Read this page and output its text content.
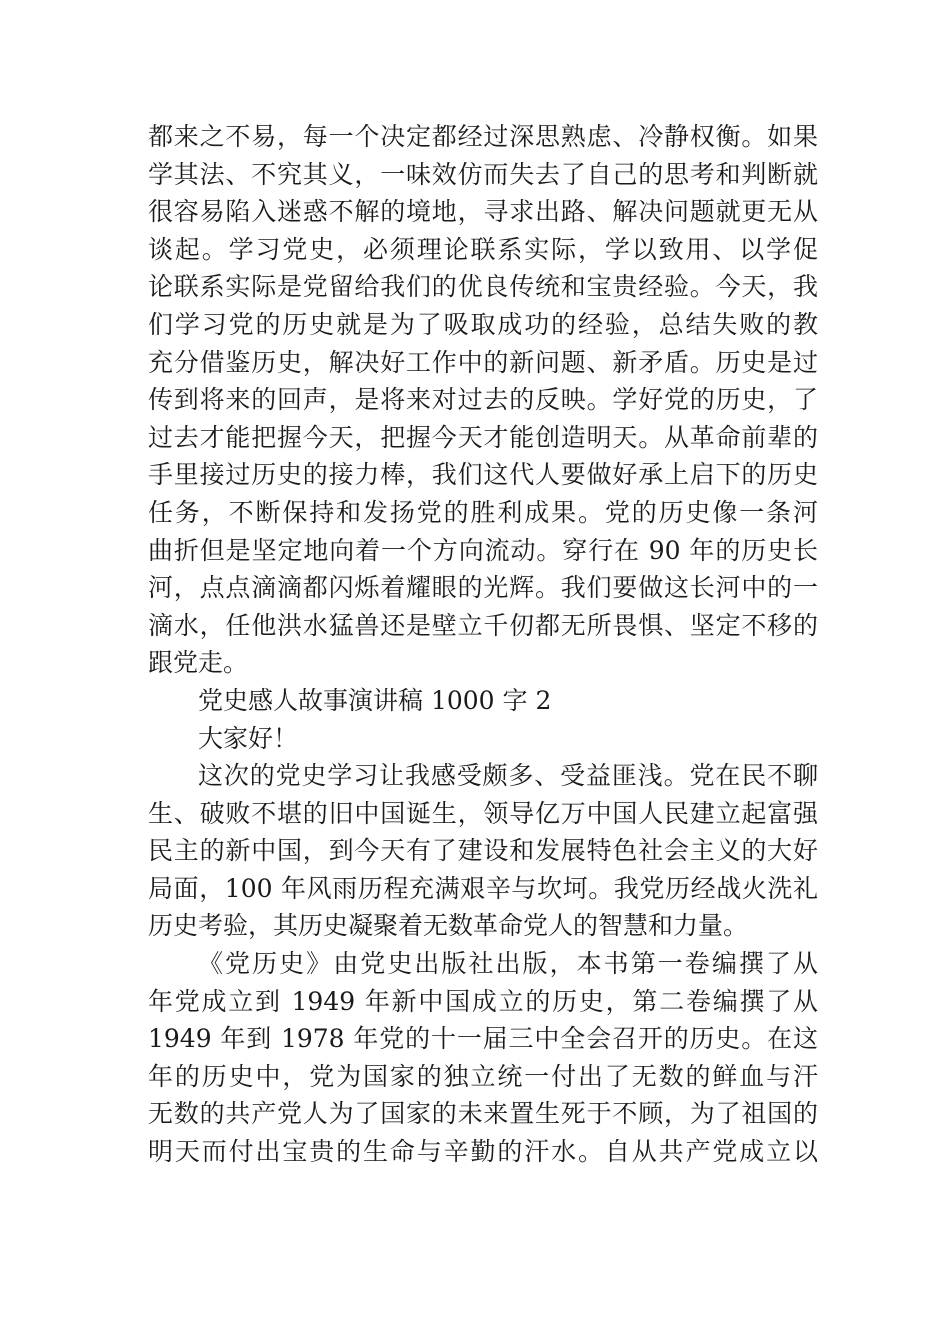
都来之不易，每一个决定都经过深思熟虑、冷静权衡。如果
学其法、不究其义，一味效仿而失去了自己的思考和判断就
很容易陷入迷惑不解的境地，寻求出路、解决问题就更无从
谈起。学习党史，必须理论联系实际，学以致用、以学促
论联系实际是党留给我们的优良传统和宝贵经验。今天，我
们学习党的历史就是为了吸取成功的经验，总结失败的教
充分借鉴历史，解决好工作中的新问题、新矛盾。历史是过
传到将来的回声，是将来对过去的反映。学好党的历史，了
过去才能把握今天，把握今天才能创造明天。从革命前辈的
手里接过历史的接力棒，我们这代人要做好承上启下的历史
任务，不断保持和发扬党的胜利成果。党的历史像一条河
曲折但是坚定地向着一个方向流动。穿行在 90 年的历史长
河，点点滴滴都闪烁着耀眼的光辉。我们要做这长河中的一
滴水，任他洪水猛兽还是壁立千仞都无所畏惧、坚定不移的
跟党走。
党史感人故事演讲稿 1000 字 2
大家好！
这次的党史学习让我感受颇多、受益匪浅。党在民不聊
生、破败不堪的旧中国诞生，领导亿万中国人民建立起富强
民主的新中国，到今天有了建设和发展特色社会主义的大好
局面，100 年风雨历程充满艰辛与坎坷。我党历经战火洗礼
历史考验，其历史凝聚着无数革命党人的智慧和力量。
《党历史》由党史出版社出版，本书第一卷编撰了从
年党成立到 1949 年新中国成立的历史，第二卷编撰了从
1949 年到 1978 年党的十一届三中全会召开的历史。在这
年的历史中，党为国家的独立统一付出了无数的鲜血与汗
无数的共产党人为了国家的未来置生死于不顾，为了祖国的
明天而付出宝贵的生命与辛勤的汗水。自从共产党成立以
